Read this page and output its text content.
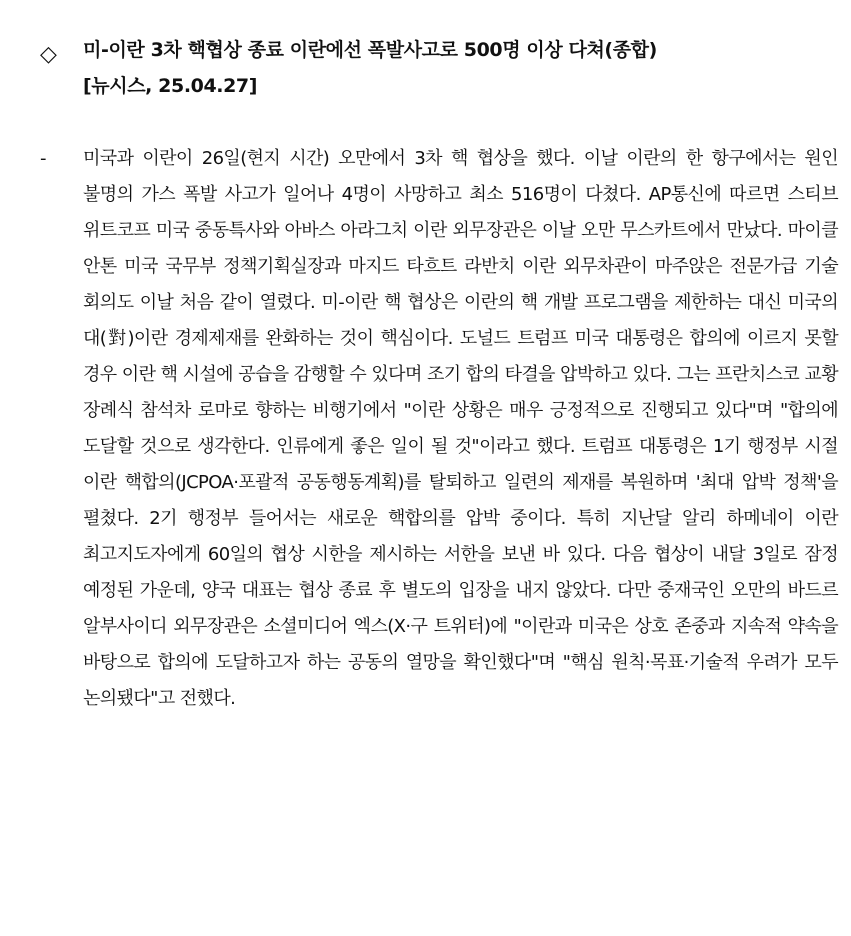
◇ 미-이란 3차 핵협상 종료 이란에선 폭발사고로 500명 이상 다쳐(종합)
[뉴시스, 25.04.27]
- 미국과 이란이 26일(현지 시간) 오만에서 3차 핵 협상을 했다. 이날 이란의 한 항구에서는 원인 불명의 가스 폭발 사고가 일어나 4명이 사망하고 최소 516명이 다쳤다. AP통신에 따르면 스티브 위트코프 미국 중동특사와 아바스 아라그치 이란 외무장관은 이날 오만 무스카트에서 만났다. 마이클 안톤 미국 국무부 정책기획실장과 마지드 타흐트 라반치 이란 외무차관이 마주앉은 전문가급 기술 회의도 이날 처음 같이 열렸다. 미-이란 핵 협상은 이란의 핵 개발 프로그램을 제한하는 대신 미국의 대(對)이란 경제제재를 완화하는 것이 핵심이다. 도널드 트럼프 미국 대통령은 합의에 이르지 못할 경우 이란 핵 시설에 공습을 감행할 수 있다며 조기 합의 타결을 압박하고 있다. 그는 프란치스코 교황 장례식 참석차 로마로 향하는 비행기에서 "이란 상황은 매우 긍정적으로 진행되고 있다"며 "합의에 도달할 것으로 생각한다. 인류에게 좋은 일이 될 것"이라고 했다. 트럼프 대통령은 1기 행정부 시절 이란 핵합의(JCPOA·포괄적 공동행동계획)를 탈퇴하고 일련의 제재를 복원하며 '최대 압박 정책'을 펼쳤다. 2기 행정부 들어서는 새로운 핵합의를 압박 중이다. 특히 지난달 알리 하메네이 이란 최고지도자에게 60일의 협상 시한을 제시하는 서한을 보낸 바 있다. 다음 협상이 내달 3일로 잠정 예정된 가운데, 양국 대표는 협상 종료 후 별도의 입장을 내지 않았다. 다만 중재국인 오만의 바드르 알부사이디 외무장관은 소셜미디어 엑스(X·구 트위터)에 "이란과 미국은 상호 존중과 지속적 약속을 바탕으로 합의에 도달하고자 하는 공동의 열망을 확인했다"며 "핵심 원칙·목표·기술적 우려가 모두 논의됐다"고 전했다.
